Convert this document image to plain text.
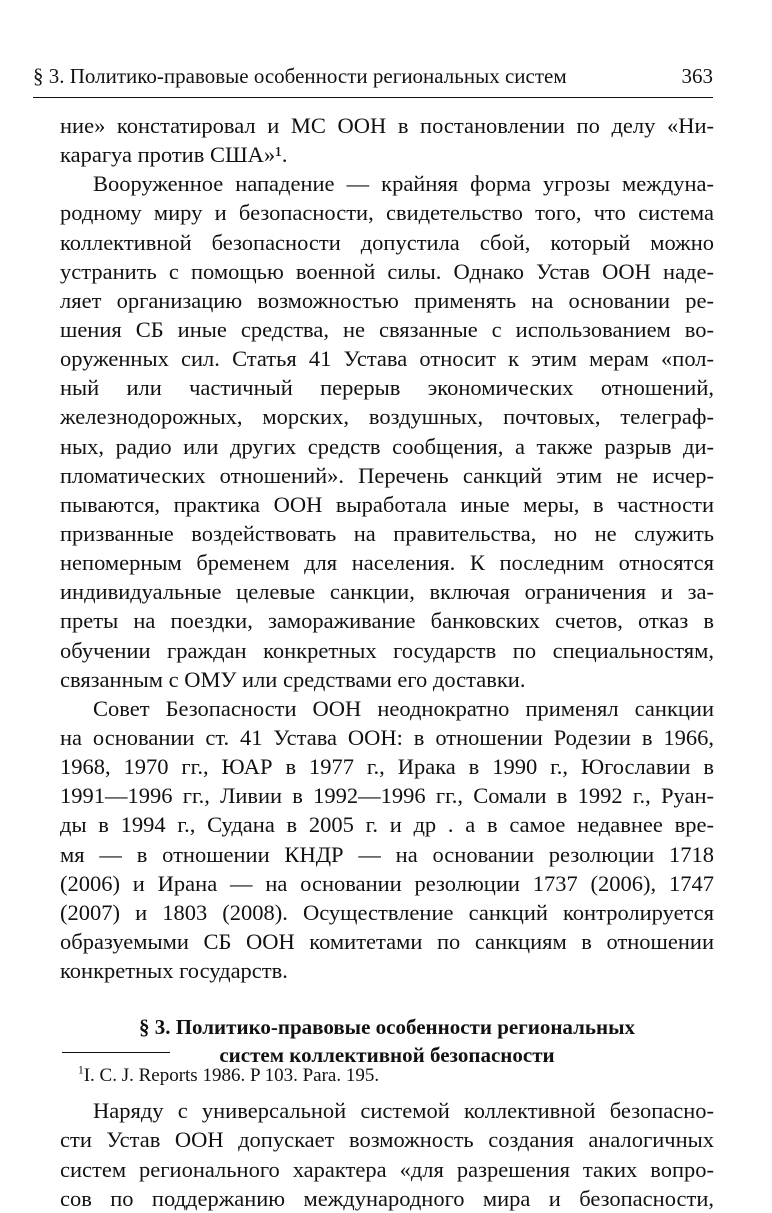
§ 3. Политико-правовые особенности региональных систем	363
ние» констатировал и МС ООН в постановлении по делу «Ни-
карагуа против США»¹.
Вооруженное нападение — крайняя форма угрозы междуна-
родному миру и безопасности, свидетельство того, что система
коллективной безопасности допустила сбой, который можно
устранить с помощью военной силы. Однако Устав ООН наде-
ляет организацию возможностью применять на основании ре-
шения СБ иные средства, не связанные с использованием во-
оруженных сил. Статья 41 Устава относит к этим мерам «пол-
ный или частичный перерыв экономических отношений,
железнодорожных, морских, воздушных, почтовых, телеграф-
ных, радио или других средств сообщения, а также разрыв ди-
пломатических отношений». Перечень санкций этим не исчер-
пываются, практика ООН выработала иные меры, в частности
призванные воздействовать на правительства, но не служить
непомерным бременем для населения. К последним относятся
индивидуальные целевые санкции, включая ограничения и за-
преты на поездки, замораживание банковских счетов, отказ в
обучении граждан конкретных государств по специальностям,
связанным с ОМУ или средствами его доставки.
Совет Безопасности ООН неоднократно применял санкции
на основании ст. 41 Устава ООН: в отношении Родезии в 1966,
1968, 1970 гг., ЮАР в 1977 г., Ирака в 1990 г., Югославии в
1991—1996 гг., Ливии в 1992—1996 гг., Сомали в 1992 г., Руан-
ды в 1994 г., Судана в 2005 г. и др . а в самое недавнее вре-
мя — в отношении КНДР — на основании резолюции 1718
(2006) и Ирана — на основании резолюции 1737 (2006), 1747
(2007) и 1803 (2008). Осуществление санкций контролируется
образуемыми СБ ООН комитетами по санкциям в отношении
конкретных государств.
§ 3. Политико-правовые особенности региональных
систем коллективной безопасности
Наряду с универсальной системой коллективной безопасно-
сти Устав ООН допускает возможность создания аналогичных
систем регионального характера «для разрешения таких вопро-
сов по поддержанию международного мира и безопасности,
$^1$I. C. J. Reports 1986. P 103. Para. 195.
